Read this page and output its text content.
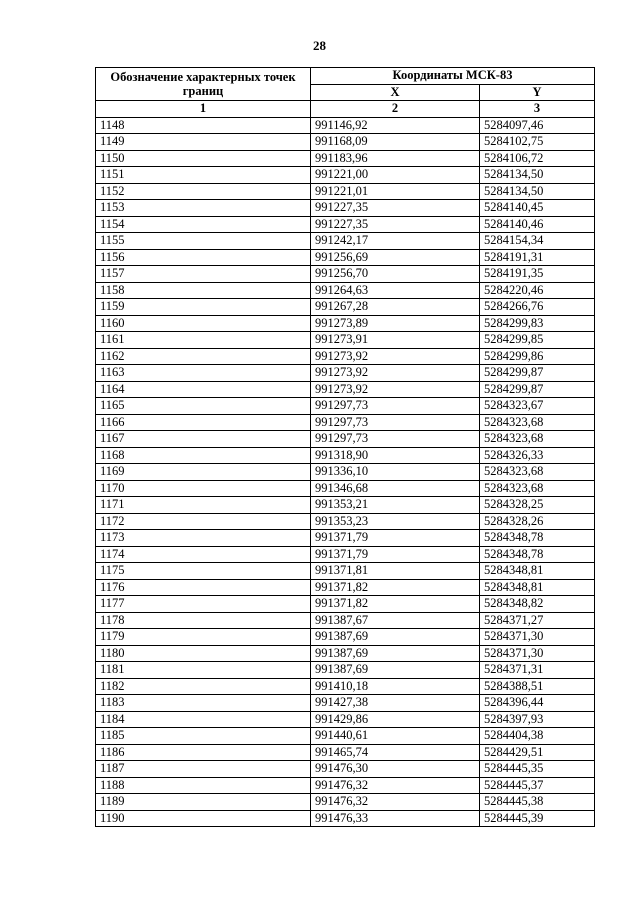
28
Обозначение характерных точек границ	Координаты МСК-83	
	X	Y
1	2	3
1148	991146,92	5284097,46
1149	991168,09	5284102,75
1150	991183,96	5284106,72
1151	991221,00	5284134,50
1152	991221,01	5284134,50
1153	991227,35	5284140,45
1154	991227,35	5284140,46
1155	991242,17	5284154,34
1156	991256,69	5284191,31
1157	991256,70	5284191,35
1158	991264,63	5284220,46
1159	991267,28	5284266,76
1160	991273,89	5284299,83
1161	991273,91	5284299,85
1162	991273,92	5284299,86
1163	991273,92	5284299,87
1164	991273,92	5284299,87
1165	991297,73	5284323,67
1166	991297,73	5284323,68
1167	991297,73	5284323,68
1168	991318,90	5284326,33
1169	991336,10	5284323,68
1170	991346,68	5284323,68
1171	991353,21	5284328,25
1172	991353,23	5284328,26
1173	991371,79	5284348,78
1174	991371,79	5284348,78
1175	991371,81	5284348,81
1176	991371,82	5284348,81
1177	991371,82	5284348,82
1178	991387,67	5284371,27
1179	991387,69	5284371,30
1180	991387,69	5284371,30
1181	991387,69	5284371,31
1182	991410,18	5284388,51
1183	991427,38	5284396,44
1184	991429,86	5284397,93
1185	991440,61	5284404,38
1186	991465,74	5284429,51
1187	991476,30	5284445,35
1188	991476,32	5284445,37
1189	991476,32	5284445,38
1190	991476,33	5284445,39
